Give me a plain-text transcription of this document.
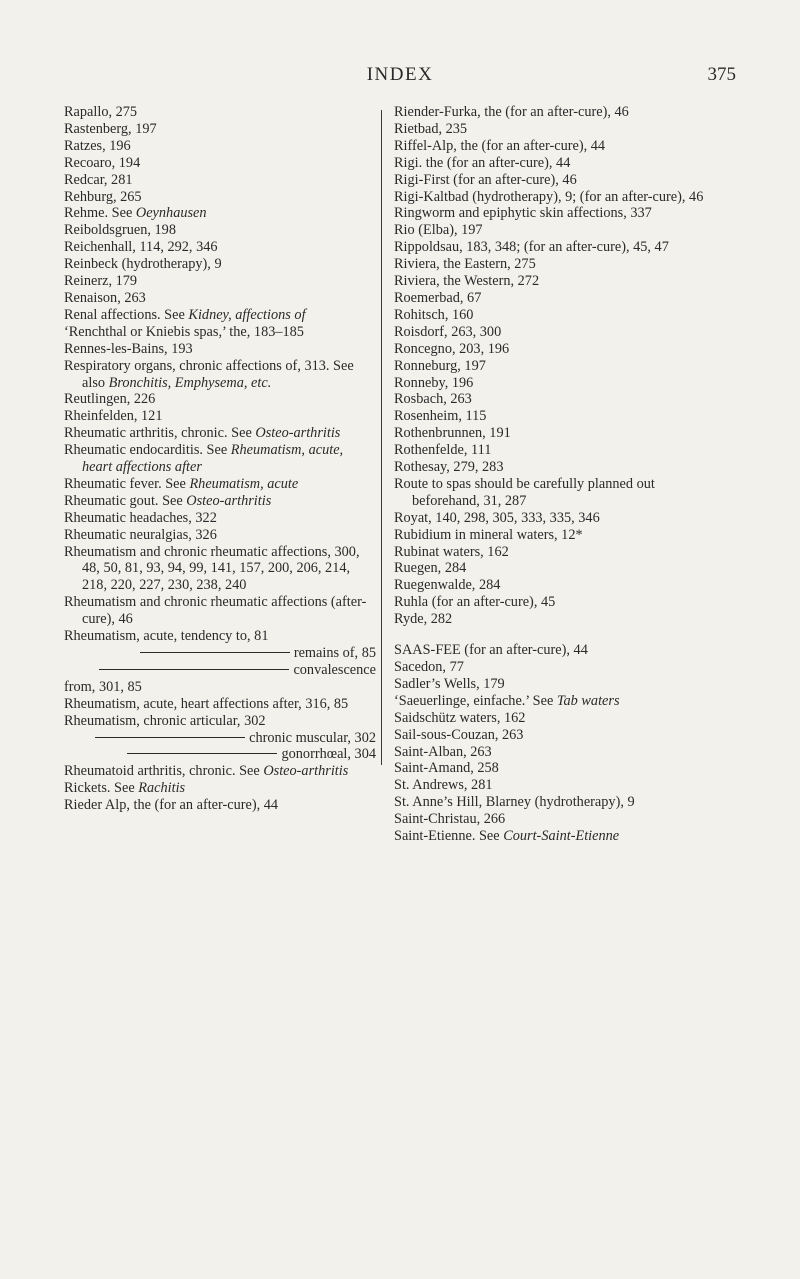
INDEX	375
Rapallo, 275
Rastenberg, 197
Ratzes, 196
Recoaro, 194
Redcar, 281
Rehburg, 265
Rehme. See Oeynhausen
Reiboldsgruen, 198
Reichenhall, 114, 292, 346
Reinbeck (hydrotherapy), 9
Reinerz, 179
Renaison, 263
Renal affections. See Kidney, affections of
‘Renchthal or Kniebis spas,’ the, 183–185
Rennes-les-Bains, 193
Respiratory organs, chronic affections of, 313. See also Bronchitis, Emphysema, etc.
Reutlingen, 226
Rheinfelden, 121
Rheumatic arthritis, chronic. See Osteo-arthritis
Rheumatic endocarditis. See Rheumatism, acute, heart affections after
Rheumatic fever. See Rheumatism, acute
Rheumatic gout. See Osteo-arthritis
Rheumatic headaches, 322
Rheumatic neuralgias, 326
Rheumatism and chronic rheumatic affections, 300, 48, 50, 81, 93, 94, 99, 141, 157, 200, 206, 214, 218, 220, 227, 230, 238, 240
Rheumatism and chronic rheumatic affections (after-cure), 46
Rheumatism, acute, tendency to, 81
remains of, 85
convalescence
from, 301, 85
Rheumatism, acute, heart affections after, 316, 85
Rheumatism, chronic articular, 302
chronic muscular, 302
gonorrhœal, 304
Rheumatoid arthritis, chronic. See Osteo-arthritis
Rickets. See Rachitis
Rieder Alp, the (for an after-cure), 44
Riender-Furka, the (for an after-cure), 46
Rietbad, 235
Riffel-Alp, the (for an after-cure), 44
Rigi. the (for an after-cure), 44
Rigi-First (for an after-cure), 46
Rigi-Kaltbad (hydrotherapy), 9; (for an after-cure), 46
Ringworm and epiphytic skin affections, 337
Rio (Elba), 197
Rippoldsau, 183, 348; (for an after-cure), 45, 47
Riviera, the Eastern, 275
Riviera, the Western, 272
Roemerbad, 67
Rohitsch, 160
Roisdorf, 263, 300
Roncegno, 203, 196
Ronneburg, 197
Ronneby, 196
Rosbach, 263
Rosenheim, 115
Rothenbrunnen, 191
Rothenfelde, 111
Rothesay, 279, 283
Route to spas should be carefully planned out beforehand, 31, 287
Royat, 140, 298, 305, 333, 335, 346
Rubidium in mineral waters, 12*
Rubinat waters, 162
Ruegen, 284
Ruegenwalde, 284
Ruhla (for an after-cure), 45
Ryde, 282
SAAS-FEE (for an after-cure), 44
Sacedon, 77
Sadler’s Wells, 179
‘Saeuerlinge, einfache.’ See Tab waters
Saidschütz waters, 162
Sail-sous-Couzan, 263
Saint-Alban, 263
Saint-Amand, 258
St. Andrews, 281
St. Anne’s Hill, Blarney (hydrotherapy), 9
Saint-Christau, 266
Saint-Etienne. See Court-Saint-Etienne
